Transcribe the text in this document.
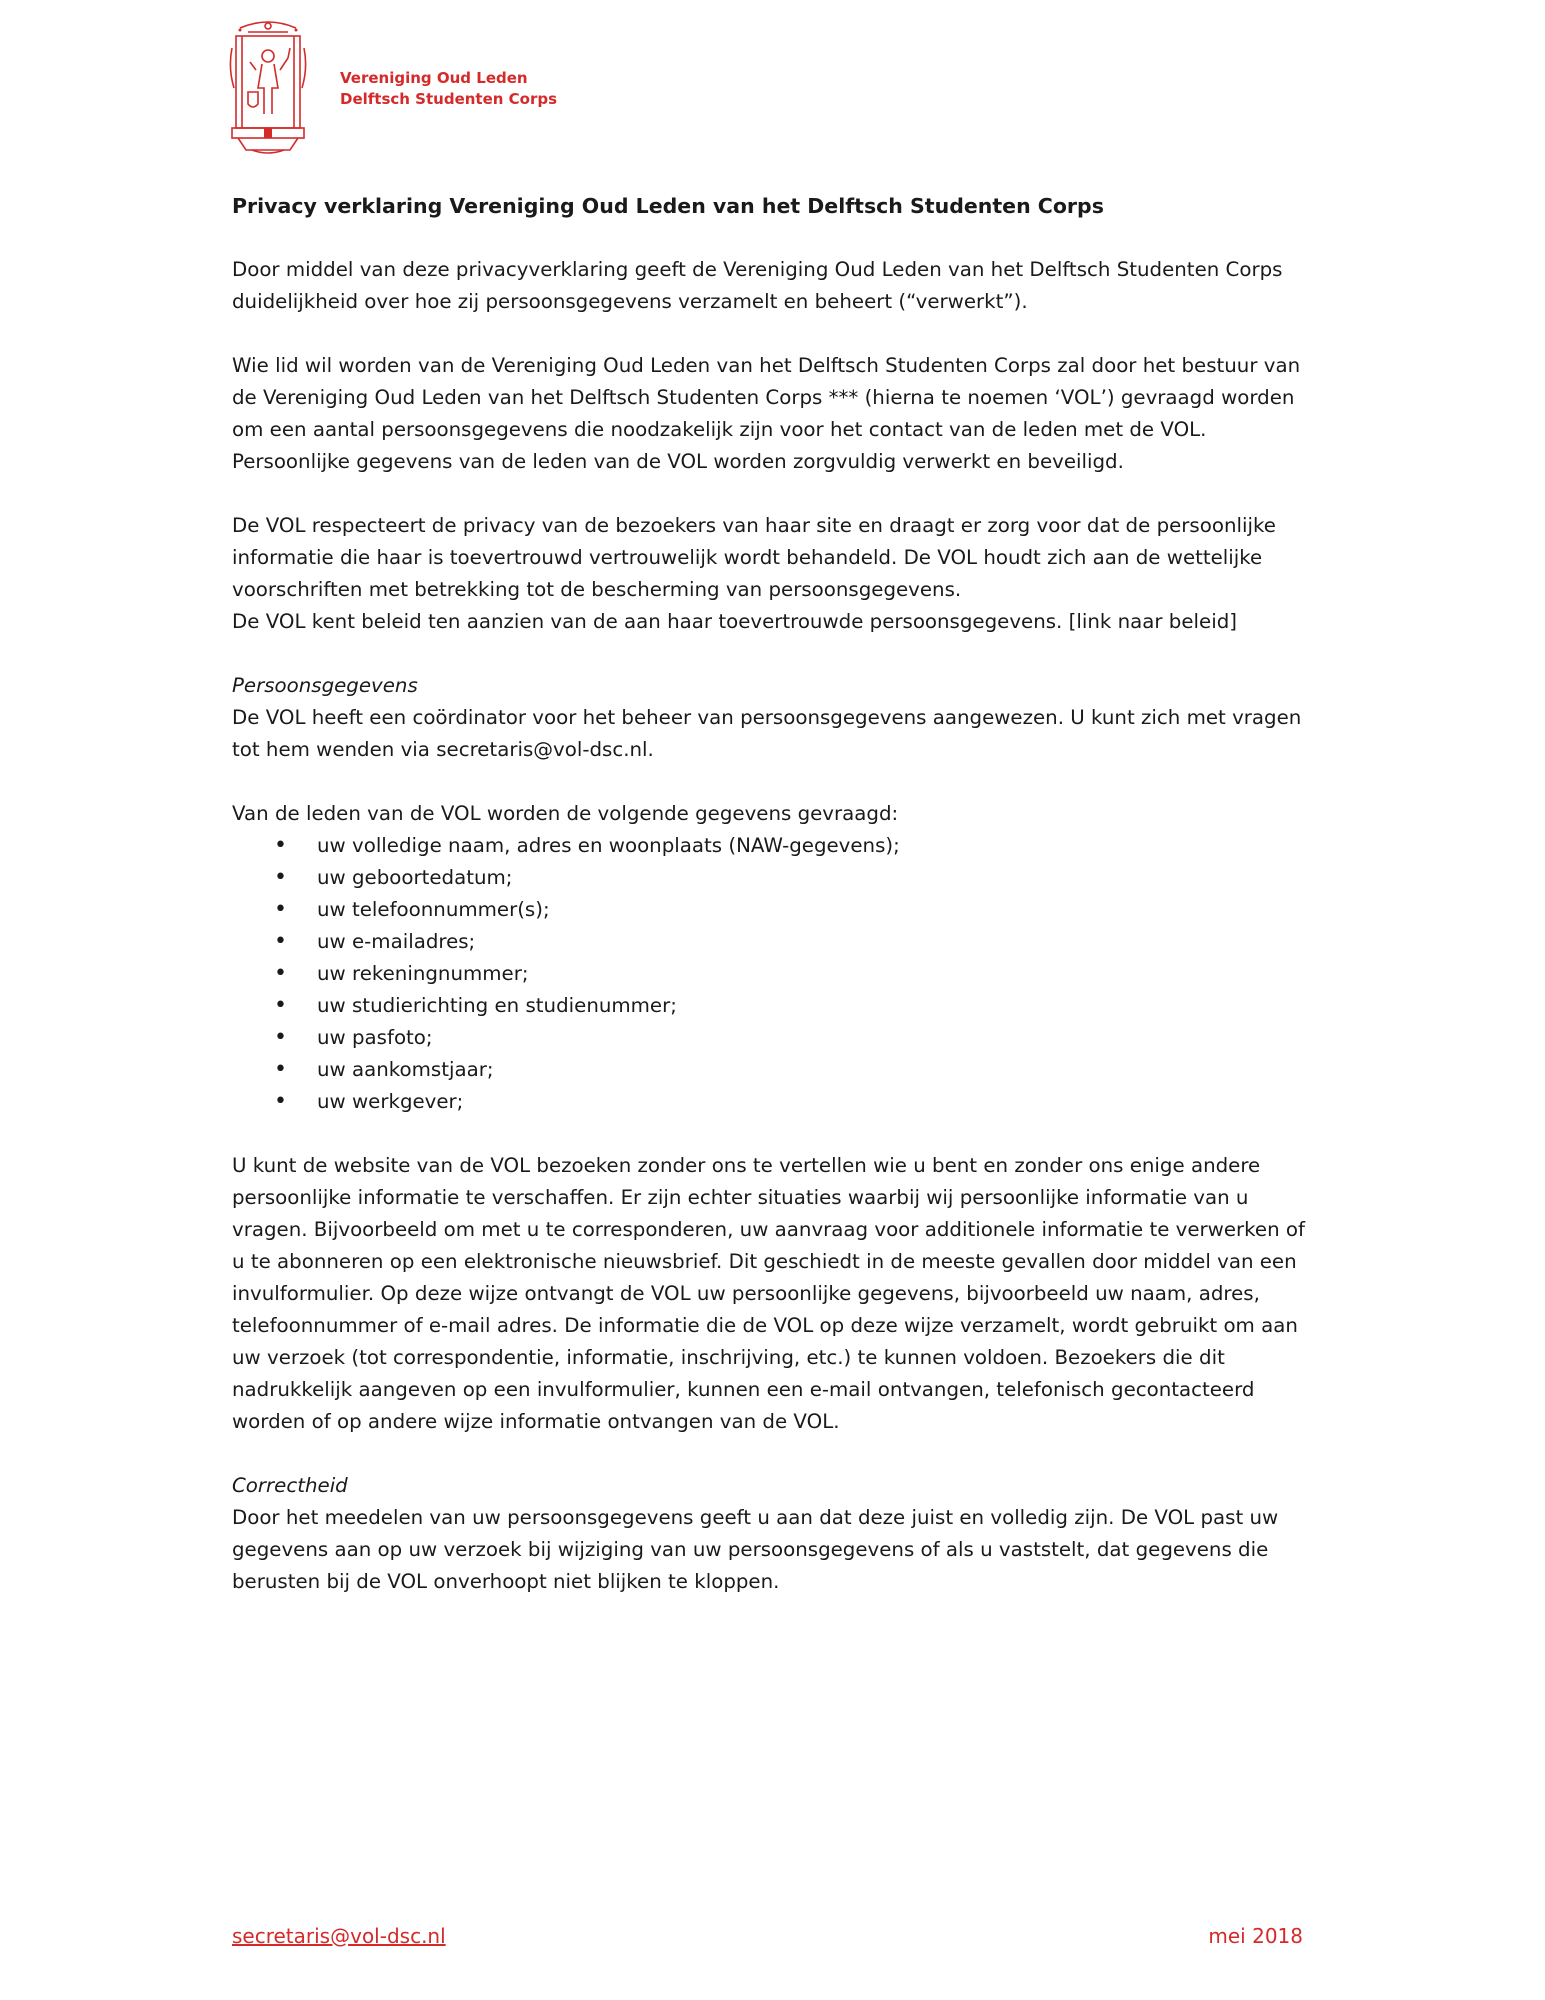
Vereniging Oud Leden
Delftsch Studenten Corps
Privacy verklaring Vereniging Oud Leden van het Delftsch Studenten Corps
Door middel van deze privacyverklaring geeft de Vereniging Oud Leden van het Delftsch Studenten Corps duidelijkheid over hoe zij persoonsgegevens verzamelt en beheert (“verwerkt”).
Wie lid wil worden van de Vereniging Oud Leden van het Delftsch Studenten Corps zal door het bestuur van de Vereniging Oud Leden van het Delftsch Studenten Corps *** (hierna te noemen ‘VOL’) gevraagd worden om een aantal persoonsgegevens die noodzakelijk zijn voor het contact van de leden met de VOL. Persoonlijke gegevens van de leden van de VOL worden zorgvuldig verwerkt en beveiligd.
De VOL respecteert de privacy van de bezoekers van haar site en draagt er zorg voor dat de persoonlijke informatie die haar is toevertrouwd vertrouwelijk wordt behandeld. De VOL houdt zich aan de wettelijke voorschriften met betrekking tot de bescherming van persoonsgegevens.
De VOL kent beleid ten aanzien van de aan haar toevertrouwde persoonsgegevens. [link naar beleid]
Persoonsgegevens
De VOL heeft een coördinator voor het beheer van persoonsgegevens aangewezen. U kunt zich met vragen tot hem wenden via secretaris@vol-dsc.nl.
Van de leden van de VOL worden de volgende gegevens gevraagd:
• uw volledige naam, adres en woonplaats (NAW-gegevens);
• uw geboortedatum;
• uw telefoonnummer(s);
• uw e-mailadres;
• uw rekeningnummer;
• uw studierichting en studienummer;
• uw pasfoto;
• uw aankomstjaar;
• uw werkgever;
U kunt de website van de VOL bezoeken zonder ons te vertellen wie u bent en zonder ons enige andere persoonlijke informatie te verschaffen. Er zijn echter situaties waarbij wij persoonlijke informatie van u vragen. Bijvoorbeeld om met u te corresponderen, uw aanvraag voor additionele informatie te verwerken of u te abonneren op een elektronische nieuwsbrief. Dit geschiedt in de meeste gevallen door middel van een invulformulier. Op deze wijze ontvangt de VOL uw persoonlijke gegevens, bijvoorbeeld uw naam, adres, telefoonnummer of e-mail adres. De informatie die de VOL op deze wijze verzamelt, wordt gebruikt om aan uw verzoek (tot correspondentie, informatie, inschrijving, etc.) te kunnen voldoen. Bezoekers die dit nadrukkelijk aangeven op een invulformulier, kunnen een e-mail ontvangen, telefonisch gecontacteerd worden of op andere wijze informatie ontvangen van de VOL.
Correctheid
Door het meedelen van uw persoonsgegevens geeft u aan dat deze juist en volledig zijn. De VOL past uw gegevens aan op uw verzoek bij wijziging van uw persoonsgegevens of als u vaststelt, dat gegevens die berusten bij de VOL onverhoopt niet blijken te kloppen.
secretaris@vol-dsc.nl	mei 2018
